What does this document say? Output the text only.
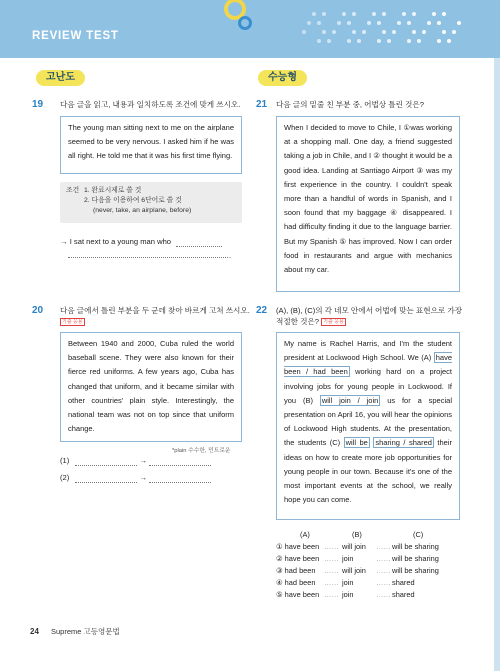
REVIEW TEST
고난도	수능형
19 다음 글을 읽고, 내용과 일치하도록 조건에 맞게 쓰시오.
The young man sitting next to me on the airplane seemed to be very nervous. I asked him if he was all right. He told me that it was his first time flying.
조건 1. 완료시제로 쓸 것
2. 다음을 이용하여 6단어로 쓸 것
(never, take, an airplane, before)
→ I sat next to a young man who
.
20 다음 글에서 틀린 부분을 두 군데 찾아 바르게 고쳐 쓰시오.
기출 응용
Between 1940 and 2000, Cuba ruled the world baseball scene. They were also known for their fierce red uniforms. A few years ago, Cuba has changed that uniform, and it became similar with other countries' plain style. Interestingly, the national team was not on top since that uniform change.
*plain 수수한, 민트로운
(1)	→
(2)	→
21 다음 글의 밑줄 친 부분 중, 어법상 틀린 것은?
When I decided to move to Chile, I ①was working at a shopping mall. One day, a friend suggested taking a job in Chile, and I ② thought it would be a good idea. Landing at Santiago Airport ③ was my first experience in the country. I couldn't speak more than a handful of words in Spanish, and I soon found that my baggage ④ disappeared. I had difficulty finding it due to the language barrier. But my Spanish ⑤ has improved. Now I can order food in restaurants and argue with mechanics about my car.
22 (A), (B), (C)의 각 네모 안에서 어법에 맞는 표현으로 가장
적절한 것은? 기출 응용
My name is Rachel Harris, and I'm the student president at Lockwood High School. We (A) have been / had been working hard on a project involving jobs for young people in Lockwood. If you (B) will join / join us for a special presentation on April 16, you will hear the opinions of Lockwood High students. At the presentation, the students (C) will be sharing / shared their ideas on how to create more job opportunities for young people in our town. Because it's one of the most important events at the school, we really hope you can come.
(A)	(B)	(C)
① have been …… will join …… will be sharing
② have been …… join	…… will be sharing
③ had been …… will join …… will be sharing
④ had been …… join	…… shared
⑤ have been …… join	…… shared
24 Supreme 고등영문법
